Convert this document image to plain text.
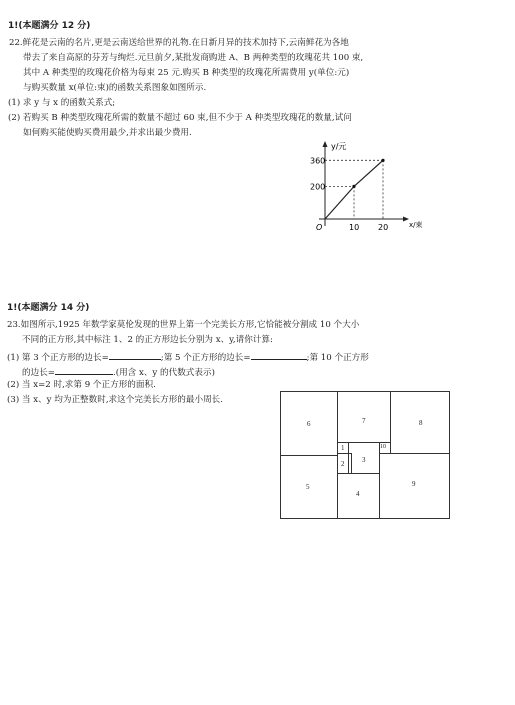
1!(本题满分 12 分)
22.鲜花是云南的名片,更是云南送给世界的礼物.在日新月异的技术加持下,云南鲜花为各地
带去了来自高原的芬芳与绚烂.元旦前夕,某批发商购进 A、B 两种类型的玫瑰花共 100 束,
其中 A 种类型的玫瑰花价格为每束 25 元.购买 B 种类型的玫瑰花所需费用 y(单位:元)
与购买数量 x(单位:束)的函数关系图象如图所示.
(1) 求 y 与 x 的函数关系式;
(2) 若购买 B 种类型玫瑰花所需的数量不超过 60 束,但不少于 A 种类型玫瑰花的数量,试问
如何购买能使购买费用最少,并求出最少费用.
y/元
x/束
O
360
200
10 20
1!(本题满分 14 分)
23.如图所示,1925 年数学家莫伦发现的世界上第一个完美长方形,它恰能被分割成 10 个大小
不同的正方形,其中标注 1、2 的正方形边长分别为 x、y,请你计算:
(1) 第 3 个正方形的边长=	;第 5 个正方形的边长=	;第 10 个正方形
的边长=	.(用含 x、y 的代数式表示)
(2) 当 x=2 时,求第 9 个正方形的面积.
(3) 当 x、y 均为正整数时,求这个完美长方形的最小周长.
6	7	8
5
4
9
1
2	3
10
